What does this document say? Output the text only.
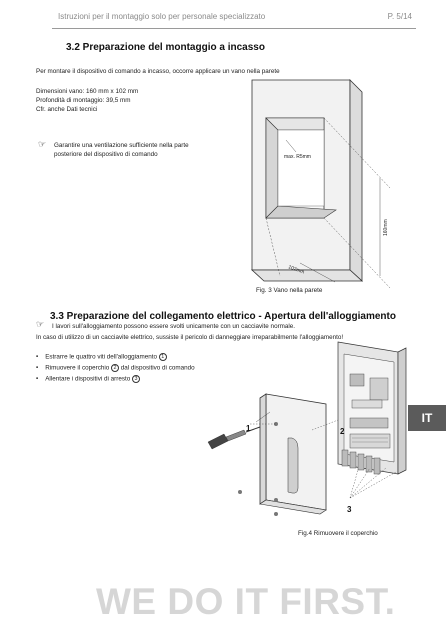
Istruzioni per il montaggio solo per personale specializzato	P. 5/14
3.2 Preparazione del montaggio a incasso
Per montare il dispositivo di comando a incasso, occorre applicare un vano nella parete
Dimensioni vano: 160 mm x 102 mm
Profondità di montaggio: 39,5 mm
Cfr. anche Dati tecnici
☞ Garantire una ventilazione sufficiente nella parte
posteriore del dispositivo di comando	max. R5mm
160mm
102mm
Fig. 3 Vano nella parete
3.3 Preparazione del collegamento elettrico - Apertura dell'alloggiamento
☞ I lavori sull'alloggiamento possono essere svolti unicamente con un cacciavite normale.
In caso di utilizzo di un cacciavite elettrico, sussiste il pericolo di danneggiare irreparabilmente l'alloggiamento!
•    Estrarre le quattro viti dell'alloggiamento 1
•    Rimuovere il coperchio 2 dal dispositivo di comando
•    Allentare i dispositivi di arresto 3
1	2
3
Fig.4 Rimuovere il coperchio
IT
WE DO IT FIRST.
